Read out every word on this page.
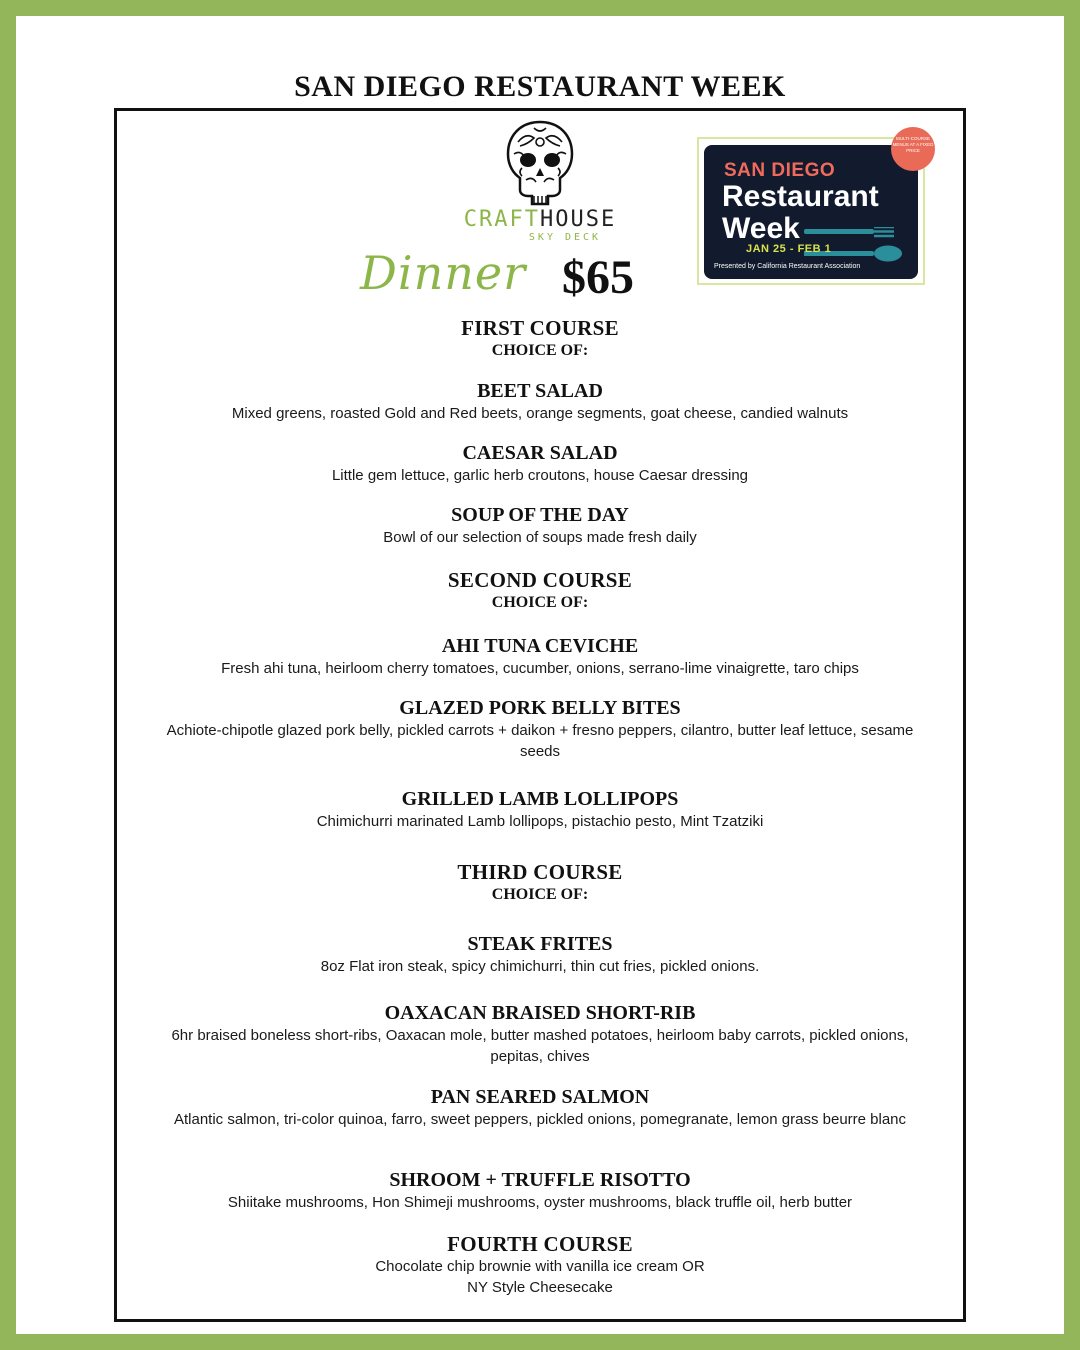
SAN DIEGO RESTAURANT WEEK
CRAFTHOUSE
SKY DECK
Dinner $65
SAN DIEGO
Restaurant
Week
JAN 25 - FEB 1
Presented by California Restaurant Association
MULTI-COURSE MENUS AT A FIXED PRICE
FIRST COURSE
CHOICE OF:
BEET SALAD
Mixed greens, roasted Gold and Red beets, orange segments, goat cheese, candied walnuts
CAESAR SALAD
Little gem lettuce, garlic herb croutons, house Caesar dressing
SOUP OF THE DAY
Bowl of our selection of soups made fresh daily
SECOND COURSE
CHOICE OF:
AHI TUNA CEVICHE
Fresh ahi tuna, heirloom cherry tomatoes, cucumber, onions, serrano-lime vinaigrette, taro chips
GLAZED PORK BELLY BITES
Achiote-chipotle glazed pork belly, pickled carrots + daikon + fresno peppers, cilantro, butter leaf lettuce, sesame seeds
GRILLED LAMB LOLLIPOPS
Chimichurri marinated Lamb lollipops, pistachio pesto, Mint Tzatziki
THIRD COURSE
CHOICE OF:
STEAK FRITES
8oz Flat iron steak, spicy chimichurri, thin cut fries, pickled onions.
OAXACAN BRAISED SHORT-RIB
6hr braised boneless short-ribs, Oaxacan mole, butter mashed potatoes, heirloom baby carrots, pickled onions, pepitas, chives
PAN SEARED SALMON
Atlantic salmon, tri-color quinoa, farro, sweet peppers, pickled onions, pomegranate, lemon grass beurre blanc
SHROOM + TRUFFLE RISOTTO
Shiitake mushrooms, Hon Shimeji mushrooms, oyster mushrooms, black truffle oil, herb butter
FOURTH COURSE
Chocolate chip brownie with vanilla ice cream OR
NY Style Cheesecake
